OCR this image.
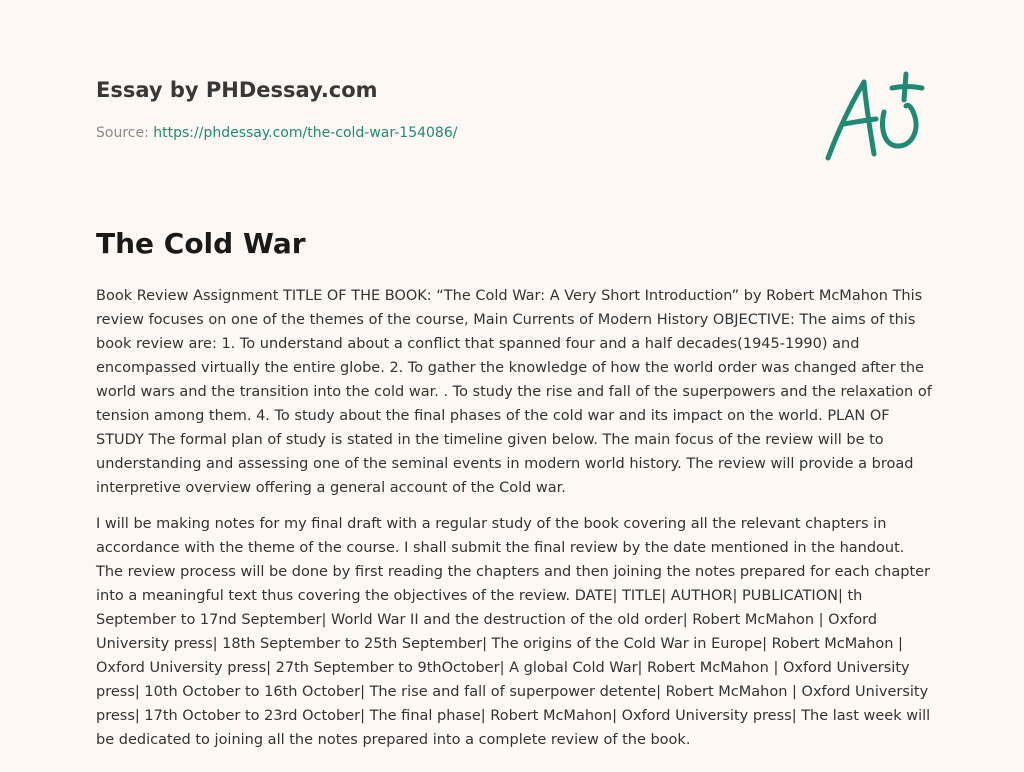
Essay by PHDessay.com
Source: https://phdessay.com/the-cold-war-154086/
The Cold War

Book Review Assignment TITLE OF THE BOOK: “The Cold War: A Very Short Introduction” by Robert McMahon This review focuses on one of the themes of the course, Main Currents of Modern History OBJECTIVE: The aims of this book review are: 1. To understand about a conflict that spanned four and a half decades(1945-1990) and encompassed virtually the entire globe. 2. To gather the knowledge of how the world order was changed after the world wars and the transition into the cold war. . To study the rise and fall of the superpowers and the relaxation of tension among them. 4. To study about the final phases of the cold war and its impact on the world. PLAN OF STUDY The formal plan of study is stated in the timeline given below. The main focus of the review will be to understanding and assessing one of the seminal events in modern world history. The review will provide a broad interpretive overview offering a general account of the Cold war.

I will be making notes for my final draft with a regular study of the book covering all the relevant chapters in accordance with the theme of the course. I shall submit the final review by the date mentioned in the handout. The review process will be done by first reading the chapters and then joining the notes prepared for each chapter into a meaningful text thus covering the objectives of the review. DATE| TITLE| AUTHOR| PUBLICATION| th September to 17nd September| World War II and the destruction of the old order| Robert McMahon | Oxford University press| 18th September to 25th September| The origins of the Cold War in Europe| Robert McMahon | Oxford University press| 27th September to 9thOctober| A global Cold War| Robert McMahon | Oxford University press| 10th October to 16th October| The rise and fall of superpower detente| Robert McMahon | Oxford University press| 17th October to 23rd October| The final phase| Robert McMahon| Oxford University press| The last week will be dedicated to joining all the notes prepared into a complete review of the book.
